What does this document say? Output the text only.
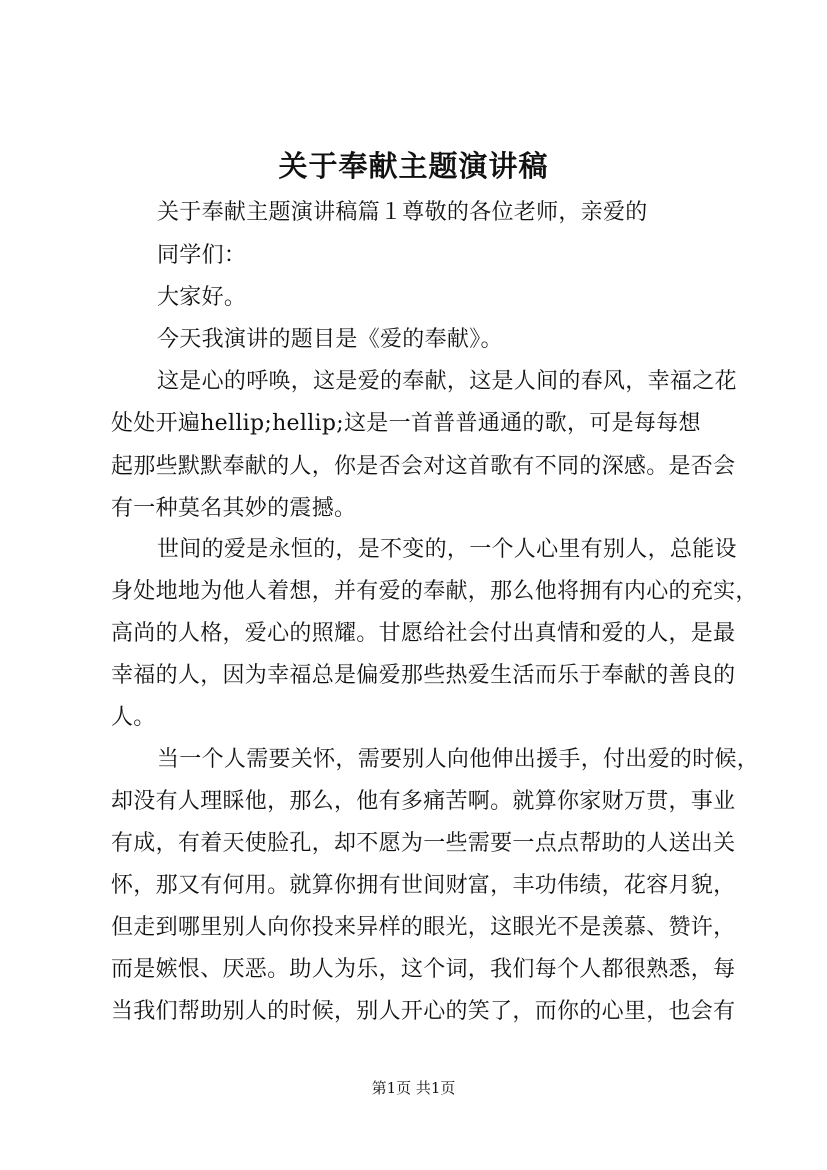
关于奉献主题演讲稿
关于奉献主题演讲稿篇１尊敬的各位老师，亲爱的
同学们：
大家好。
今天我演讲的题目是《爱的奉献》。
这是心的呼唤，这是爱的奉献，这是人间的春风，幸福之花
处处开遍hellip;hellip;这是一首普普通通的歌，可是每每想
起那些默默奉献的人，你是否会对这首歌有不同的深感。是否会
有一种莫名其妙的震撼。
世间的爱是永恒的，是不变的，一个人心里有别人，总能设
身处地地为他人着想，并有爱的奉献，那么他将拥有内心的充实，
高尚的人格，爱心的照耀。甘愿给社会付出真情和爱的人，是最
幸福的人，因为幸福总是偏爱那些热爱生活而乐于奉献的善良的
人。
当一个人需要关怀，需要别人向他伸出援手，付出爱的时候，
却没有人理睬他，那么，他有多痛苦啊。就算你家财万贯，事业
有成，有着天使脸孔，却不愿为一些需要一点点帮助的人送出关
怀，那又有何用。就算你拥有世间财富，丰功伟绩，花容月貌，
但走到哪里别人向你投来异样的眼光，这眼光不是羡慕、赞许，
而是嫉恨、厌恶。助人为乐，这个词，我们每个人都很熟悉，每
当我们帮助别人的时候，别人开心的笑了，而你的心里，也会有
第1页 共1页
